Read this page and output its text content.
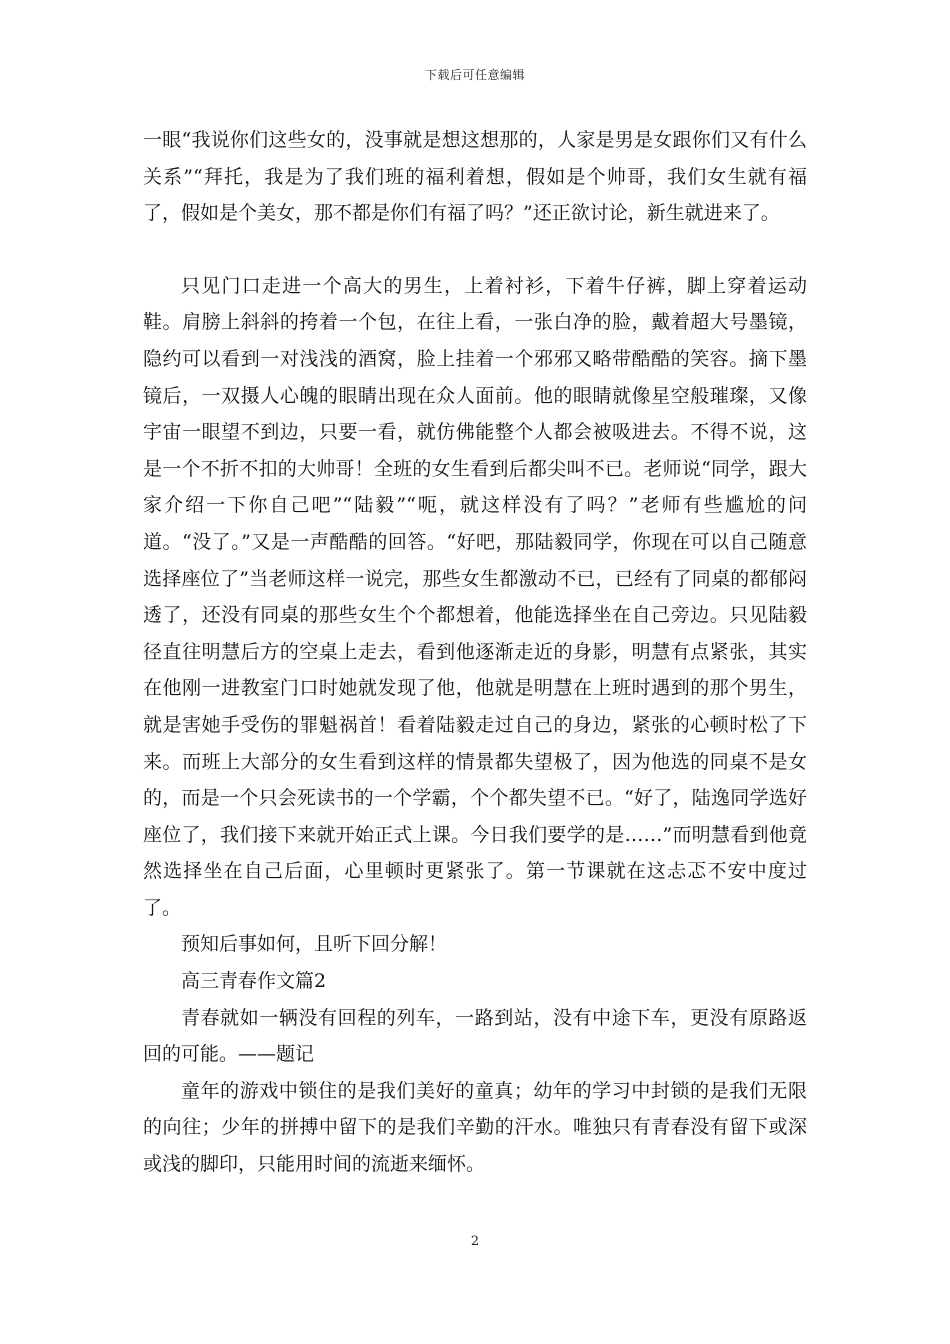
下载后可任意编辑

一眼“我说你们这些女的，没事就是想这想那的，人家是男是女跟你们又有什么关系”“拜托，我是为了我们班的福利着想，假如是个帅哥，我们女生就有福了，假如是个美女，那不都是你们有福了吗？”还正欲讨论，新生就进来了。

只见门口走进一个高大的男生，上着衬衫，下着牛仔裤，脚上穿着运动鞋。肩膀上斜斜的挎着一个包，在往上看，一张白净的脸，戴着超大号墨镜，隐约可以看到一对浅浅的酒窝，脸上挂着一个邪邪又略带酷酷的笑容。摘下墨镜后，一双摄人心魄的眼睛出现在众人面前。他的眼睛就像星空般璀璨，又像宇宙一眼望不到边，只要一看，就仿佛能整个人都会被吸进去。不得不说，这是一个不折不扣的大帅哥！全班的女生看到后都尖叫不已。老师说“同学，跟大家介绍一下你自己吧”“陆毅”“呃，就这样没有了吗？”老师有些尴尬的问道。“没了。”又是一声酷酷的回答。“好吧，那陆毅同学，你现在可以自己随意选择座位了”当老师这样一说完，那些女生都激动不已，已经有了同桌的都郁闷透了，还没有同桌的那些女生个个都想着，他能选择坐在自己旁边。只见陆毅径直往明慧后方的空桌上走去，看到他逐渐走近的身影，明慧有点紧张，其实在他刚一进教室门口时她就发现了他，他就是明慧在上班时遇到的那个男生，就是害她手受伤的罪魁祸首！看着陆毅走过自己的身边，紧张的心顿时松了下来。而班上大部分的女生看到这样的情景都失望极了，因为他选的同桌不是女的，而是一个只会死读书的一个学霸，个个都失望不已。“好了，陆逸同学选好座位了，我们接下来就开始正式上课。今日我们要学的是……”而明慧看到他竟然选择坐在自己后面，心里顿时更紧张了。第一节课就在这忐忑不安中度过了。

预知后事如何，且听下回分解！

高三青春作文篇2

青春就如一辆没有回程的列车，一路到站，没有中途下车，更没有原路返回的可能。——题记

童年的游戏中锁住的是我们美好的童真；幼年的学习中封锁的是我们无限的向往；少年的拼搏中留下的是我们辛勤的汗水。唯独只有青春没有留下或深或浅的脚印，只能用时间的流逝来缅怀。

2
